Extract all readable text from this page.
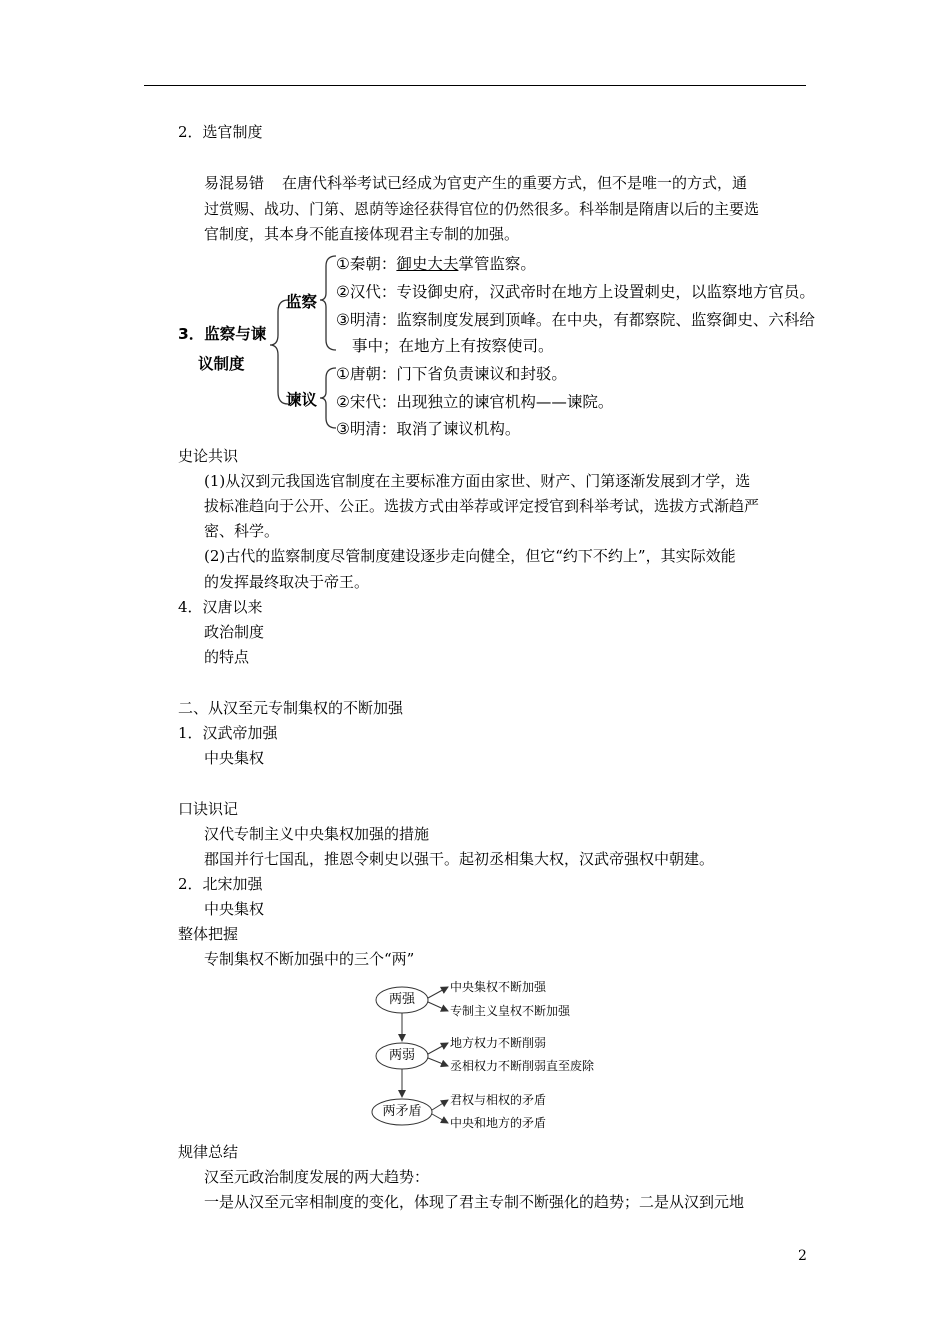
2．选官制度
易混易错 在唐代科举考试已经成为官吏产生的重要方式，但不是唯一的方式，通
过赏赐、战功、门第、恩荫等途径获得官位的仍然很多。科举制是隋唐以后的主要选
官制度，其本身不能直接体现君主专制的加强。
3．监察与谏
议制度
监察
①秦朝：御史大夫掌管监察。
②汉代：专设御史府，汉武帝时在地方上设置刺史，以监察地方官员。
③明清：监察制度发展到顶峰。在中央，有都察院、监察御史、六科给
事中；在地方上有按察使司。
谏议
①唐朝：门下省负责谏议和封驳。
②宋代：出现独立的谏官机构——谏院。
③明清：取消了谏议机构。
史论共识
(1)从汉到元我国选官制度在主要标准方面由家世、财产、门第逐渐发展到才学，选
拔标准趋向于公开、公正。选拔方式由举荐或评定授官到科举考试，选拔方式渐趋严
密、科学。
(2)古代的监察制度尽管制度建设逐步走向健全，但它“约下不约上”，其实际效能
的发挥最终取决于帝王。
4．汉唐以来
政治制度
的特点
二、从汉至元专制集权的不断加强
1．汉武帝加强
中央集权
口诀识记
汉代专制主义中央集权加强的措施
郡国并行七国乱，推恩令刺史以强干。起初丞相集大权，汉武帝强权中朝建。
2．北宋加强
中央集权
整体把握
专制集权不断加强中的三个“两”
两强
两弱
两矛盾
中央集权不断加强
专制主义皇权不断加强
地方权力不断削弱
丞相权力不断削弱直至废除
君权与相权的矛盾
中央和地方的矛盾
规律总结
汉至元政治制度发展的两大趋势：
一是从汉至元宰相制度的变化，体现了君主专制不断强化的趋势；二是从汉到元地
2
